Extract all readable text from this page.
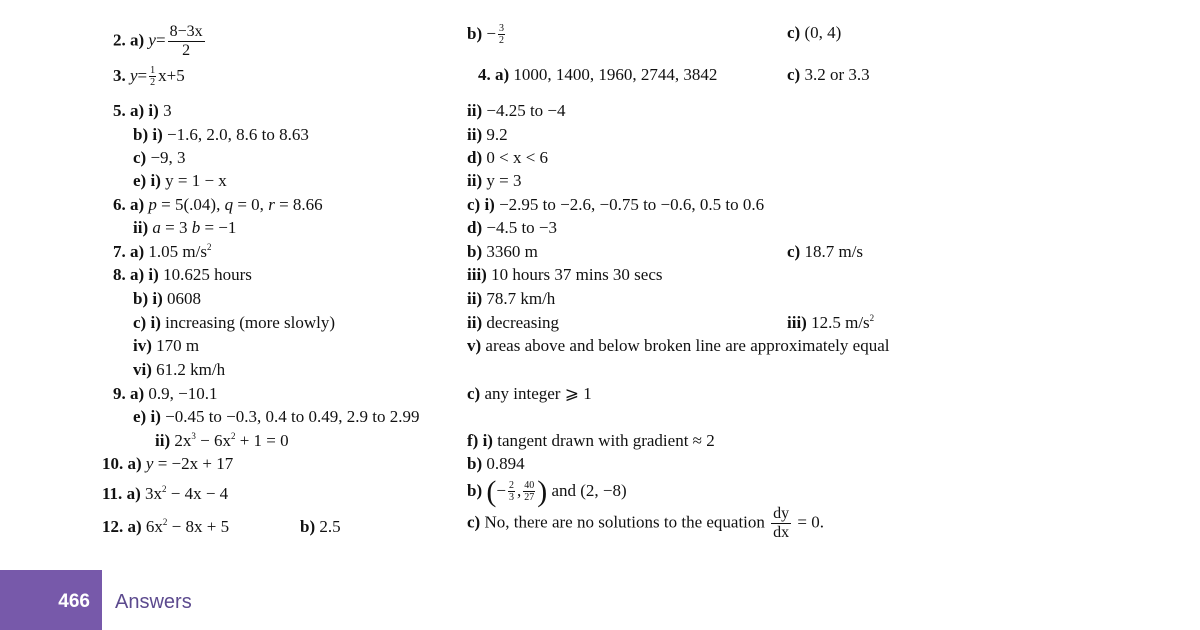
2. a) $y= \frac{8-3x}{2}$	$b) - \frac{3}{2}$	c) (0, 4)
3. $y= \frac{1}{2} x+5$	4. a) 1000, 1400, 1960, 2744, 3842	c) 3.2 or 3.3
5. a) i) 3	ii) −4.25 to −4
b) i) −1.6, 2.0, 8.6 to 8.63	ii) 9.2
c) −9, 3	d) 0 < x < 6
e) i) y = 1 − x	ii) y = 3
6. a) p = 5(.04), q = 0, r = 8.66	c) i) −2.95 to −2.6, −0.75 to −0.6, 0.5 to 0.6
ii) a = 3 b = −1	d) −4.5 to −3
7. a) 1.05 $m/s^2$	b) 3360 m	c) 18.7 m/s
8. a) i) 10.625 hours	iii) 10 hours 37 mins 30 secs
b) i) 0608	ii) 78.7 km/h
c) i) increasing (more slowly)	ii) decreasing	iii) 12.5 $m/s^2$
iv) 170 m	v) areas above and below broken line are approximately equal
vi) 61.2 km/h
9. a) 0.9, −10.1	c) any integer ⩾ 1
e) i) −0.45 to −0.3, 0.4 to 0.49, 2.9 to 2.99
ii) $2x^3 - 6x^2 + 1 = 0$	f) i) tangent drawn with gradient ≈ 2
10. a) y = −2x + 17	b) 0.894
11. a) $3x^2 - 4x - 4$	b) (− $\frac{2}{3}$ , $\frac{40}{27}$ ) and (2, −8)
12. a) $6x^2 - 8x + 5$	b) 2.5	c) No, there are no solutions to the equation $\frac{dy}{dx} = 0$.
466 Answers
